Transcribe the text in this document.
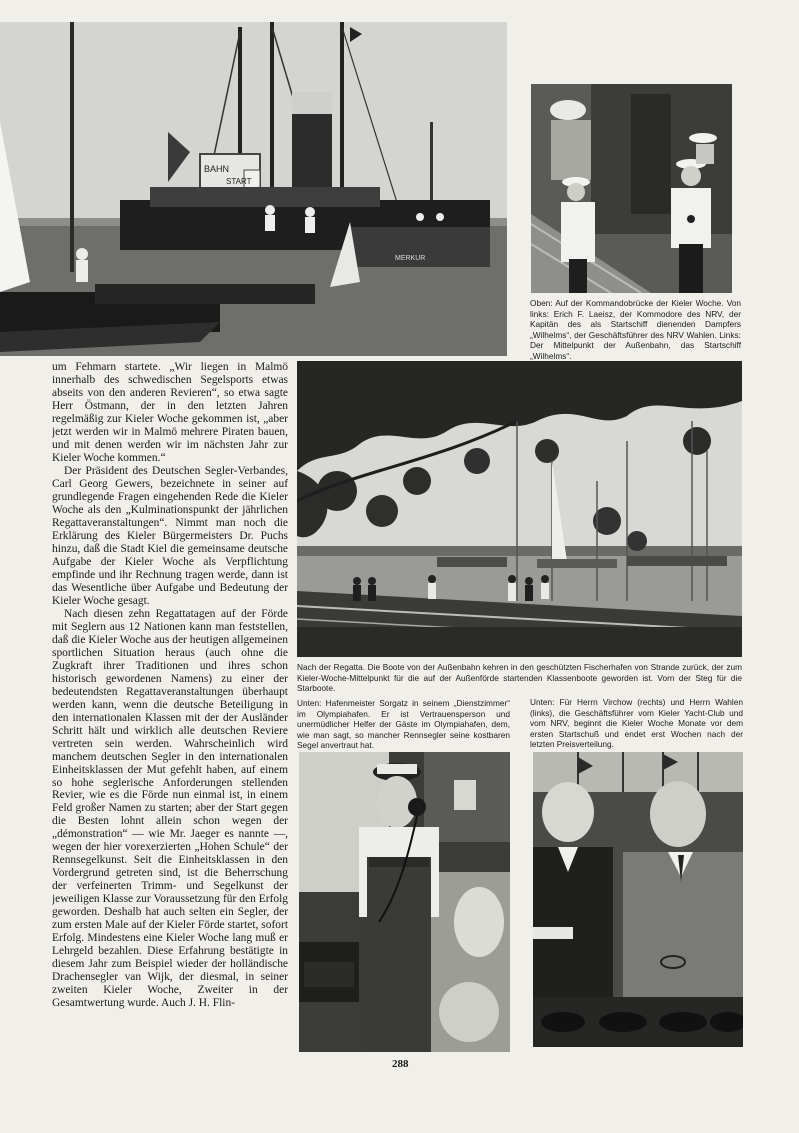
BAHN
START
MERKUR
Oben: Auf der Kommandobrücke der Kieler Woche. Von links: Erich F. Laeisz, der Kommodore des NRV, der Kapitän des als Startschiff dienenden Dampfers „Wilhelms“, der Geschäftsführer des NRV Wahlen. Links: Der Mittelpunkt der Außenbahn, das Startschiff „Wilhelms“.
Nach der Regatta. Die Boote von der Außenbahn kehren in den geschützten Fischerhafen von Strande zurück, der zum Kieler-Woche-Mittelpunkt für die auf der Außenförde startenden Klassenboote geworden ist. Vorn der Steg für die Starboote.
Unten: Hafenmeister Sorgatz in seinem „Dienstzimmer“ im Olympiahafen. Er ist Vertrauensperson und unermüdlicher Helfer der Gäste im Olympiahafen, dem, wie man sagt, so mancher Rennsegler seine kostbaren Segel anvertraut hat.
Unten: Für Herrn Virchow (rechts) und Herrn Wahlen (links), die Geschäftsführer vom Kieler Yacht-Club und vom NRV, beginnt die Kieler Woche Monate vor dem ersten Startschuß und endet erst Wochen nach der letzten Preisverteilung.

um Fehmarn startete. „Wir liegen in Malmö innerhalb des schwedischen Segelsports etwas abseits von den anderen Revieren“, so etwa sagte Herr Östmann, der in den letzten Jahren regelmäßig zur Kieler Woche gekommen ist, „aber jetzt werden wir in Malmö mehrere Piraten bauen, und mit denen werden wir im nächsten Jahr zur Kieler Woche kommen.“

Der Präsident des Deutschen Segler-Verbandes, Carl Georg Gewers, bezeichnete in seiner auf grundlegende Fragen eingehenden Rede die Kieler Woche als den „Kulminationspunkt der jährlichen Regattaveranstaltungen“. Nimmt man noch die Erklärung des Kieler Bürgermeisters Dr. Puchs hinzu, daß die Stadt Kiel die gemeinsame deutsche Aufgabe der Kieler Woche als Verpflichtung empfinde und ihr Rechnung tragen werde, dann ist das Wesentliche über Aufgabe und Bedeutung der Kieler Woche gesagt.

Nach diesen zehn Regattatagen auf der Förde mit Seglern aus 12 Nationen kann man feststellen, daß die Kieler Woche aus der heutigen allgemeinen sportlichen Situation heraus (auch ohne die Zugkraft ihrer Traditionen und ihres schon historisch gewordenen Namens) zu einer der bedeutendsten Regattaveranstaltungen überhaupt werden kann, wenn die deutsche Beteiligung in den internationalen Klassen mit der der Ausländer Schritt hält und wirklich alle deutschen Reviere vertreten sein werden. Wahrscheinlich wird manchem deutschen Segler in den internationalen Einheitsklassen der Mut gefehlt haben, auf einem so hohe seglerische Anforderungen stellenden Revier, wie es die Förde nun einmal ist, in einem Feld großer Namen zu starten; aber der Start gegen die Besten lohnt allein schon wegen der „démonstration“ — wie Mr. Jaeger es nannte —, wegen der hier vorexerzierten „Hohen Schule“ der Rennsegelkunst. Seit die Einheitsklassen in den Vordergrund getreten sind, ist die Beherrschung der verfeinerten Trimm- und Segelkunst der jeweiligen Klasse zur Voraussetzung für den Erfolg geworden. Deshalb hat auch selten ein Segler, der zum ersten Male auf der Kieler Förde startet, sofort Erfolg. Mindestens eine Kieler Woche lang muß er Lehrgeld bezahlen. Diese Erfahrung bestätigte in diesem Jahr zum Beispiel wieder der holländische Drachensegler van Wijk, der diesmal, in seiner zweiten Kieler Woche, Zweiter in der Gesamtwertung wurde. Auch J. H. Flin-

288
